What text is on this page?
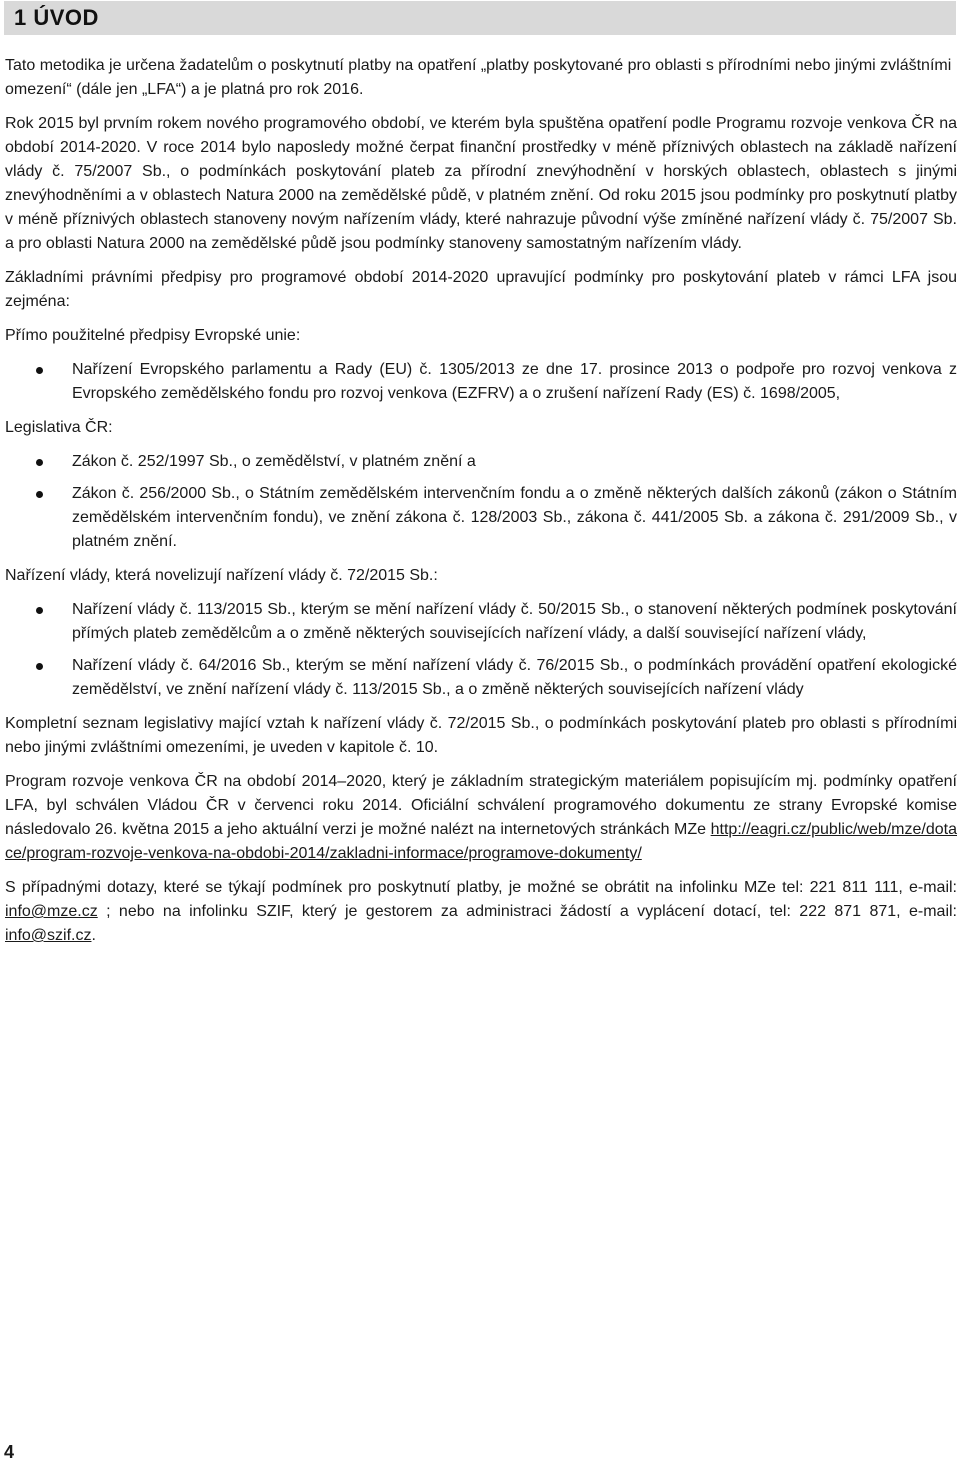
1 ÚVOD

Tato metodika je určena žadatelům o poskytnutí platby na opatření „platby poskytované pro oblasti s přírodními nebo jinými zvláštními omezení“ (dále jen „LFA“) a je platná pro rok 2016.

Rok 2015 byl prvním rokem nového programového období, ve kterém byla spuštěna opatření podle Programu rozvoje venkova ČR na období 2014-2020. V roce 2014 bylo naposledy možné čerpat finanční prostředky v méně příznivých oblastech na základě nařízení vlády č. 75/2007 Sb., o podmínkách poskytování plateb za přírodní znevýhodnění v horských oblastech, oblastech s jinými znevýhodněními a v oblastech Natura 2000 na zemědělské půdě, v platném znění. Od roku 2015 jsou podmínky pro poskytnutí platby v méně příznivých oblastech stanoveny novým nařízením vlády, které nahrazuje původní výše zmíněné nařízení vlády č. 75/2007 Sb. a pro oblasti Natura 2000 na zemědělské půdě jsou podmínky stanoveny samostatným nařízením vlády.

Základními právními předpisy pro programové období 2014-2020 upravující podmínky pro poskytování plateb v rámci LFA jsou zejména:

Přímo použitelné předpisy Evropské unie:

Nařízení Evropského parlamentu a Rady (EU) č. 1305/2013 ze dne 17. prosince 2013 o podpoře pro rozvoj venkova z Evropského zemědělského fondu pro rozvoj venkova (EZFRV) a o zrušení nařízení Rady (ES) č. 1698/2005,

Legislativa ČR:

Zákon č. 252/1997 Sb., o zemědělství, v platném znění a
Zákon č. 256/2000 Sb., o Státním zemědělském intervenčním fondu a o změně některých dalších zákonů (zákon o Státním zemědělském intervenčním fondu), ve znění zákona č. 128/2003 Sb., zákona č. 441/2005 Sb. a zákona č. 291/2009 Sb., v platném znění.

Nařízení vlády, která novelizují nařízení vlády č. 72/2015 Sb.:

Nařízení vlády č. 113/2015 Sb., kterým se mění nařízení vlády č. 50/2015 Sb., o stanovení některých podmínek poskytování přímých plateb zemědělcům a o změně některých souvisejících nařízení vlády, a další související nařízení vlády,
Nařízení vlády č. 64/2016 Sb., kterým se mění nařízení vlády č. 76/2015 Sb., o podmínkách provádění opatření ekologické zemědělství, ve znění nařízení vlády č. 113/2015 Sb., a o změně některých souvisejících nařízení vlády

Kompletní seznam legislativy mající vztah k nařízení vlády č. 72/2015 Sb., o podmínkách poskytování plateb pro oblasti s přírodními nebo jinými zvláštními omezeními, je uveden v kapitole č. 10.

Program rozvoje venkova ČR na období 2014–2020, který je základním strategickým materiálem popisujícím mj. podmínky opatření LFA, byl schválen Vládou ČR v červenci roku 2014. Oficiální schválení programového dokumentu ze strany Evropské komise následovalo 26. května 2015 a jeho aktuální verzi je možné nalézt na internetových stránkách MZe http://eagri.cz/public/web/mze/dotace/program-rozvoje-venkova-na-obdobi-2014/zakladni-informace/programove-dokumenty/

S případnými dotazy, které se týkají podmínek pro poskytnutí platby, je možné se obrátit na infolinku MZe tel: 221 811 111, e-mail: info@mze.cz ; nebo na infolinku SZIF, který je gestorem za administraci žádostí a vyplácení dotací, tel: 222 871 871, e-mail: info@szif.cz.

4
